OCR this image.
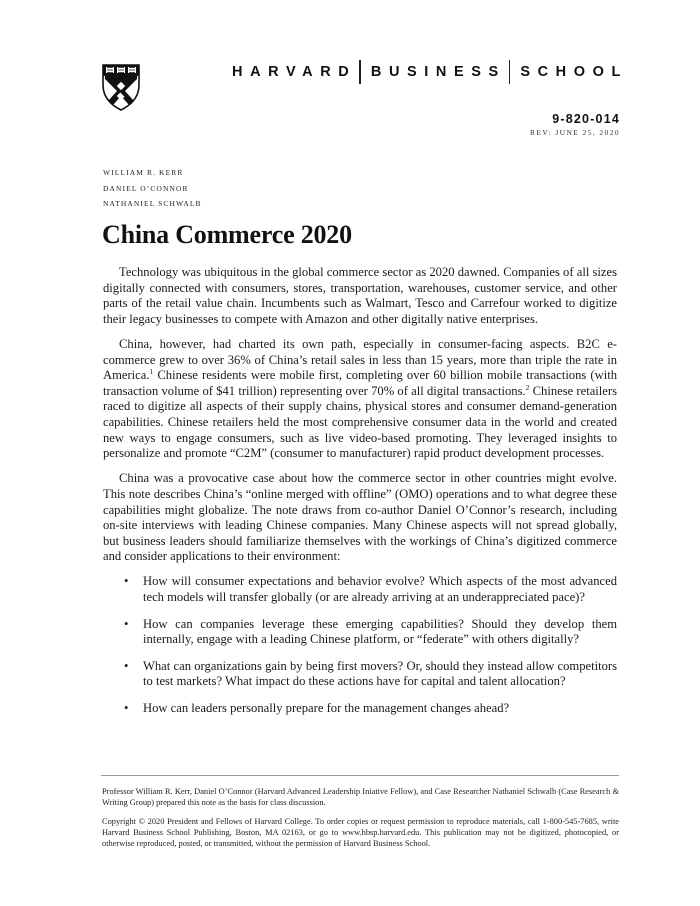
HARVARD BUSINESS SCHOOL
9-820-014
REV: JUNE 25, 2020
WILLIAM R. KERR
DANIEL O’CONNOR
NATHANIEL SCHWALB
China Commerce 2020

Technology was ubiquitous in the global commerce sector as 2020 dawned. Companies of all sizes digitally connected with consumers, stores, transportation, warehouses, customer service, and other parts of the retail value chain. Incumbents such as Walmart, Tesco and Carrefour worked to digitize their legacy businesses to compete with Amazon and other digitally native enterprises.

China, however, had charted its own path, especially in consumer-facing aspects. B2C e-commerce grew to over 36% of China’s retail sales in less than 15 years, more than triple the rate in America.$^1$ Chinese residents were mobile first, completing over 60 billion mobile transactions (with transaction volume of $41 trillion) representing over 70% of all digital transactions.$^2$ Chinese retailers raced to digitize all aspects of their supply chains, physical stores and consumer demand-generation capabilities. Chinese retailers held the most comprehensive consumer data in the world and created new ways to engage consumers, such as live video-based promoting. They leveraged insights to personalize and promote “C2M” (consumer to manufacturer) rapid product development processes.

China was a provocative case about how the commerce sector in other countries might evolve. This note describes China’s “online merged with offline” (OMO) operations and to what degree these capabilities might globalize. The note draws from co-author Daniel O’Connor’s research, including on-site interviews with leading Chinese companies. Many Chinese aspects will not spread globally, but business leaders should familiarize themselves with the workings of China’s digitized commerce and consider applications to their environment:

• How will consumer expectations and behavior evolve? Which aspects of the most advanced tech models will transfer globally (or are already arriving at an underappreciated pace)?
• How can companies leverage these emerging capabilities? Should they develop them internally, engage with a leading Chinese platform, or “federate” with others digitally?
• What can organizations gain by being first movers? Or, should they instead allow competitors to test markets? What impact do these actions have for capital and talent allocation?
• How can leaders personally prepare for the management changes ahead?
Professor William R. Kerr, Daniel O’Connor (Harvard Advanced Leadership Iniative Fellow), and Case Researcher Nathaniel Schwalb (Case Research & Writing Group) prepared this note as the basis for class discussion.
Copyright © 2020 President and Fellows of Harvard College. To order copies or request permission to reproduce materials, call 1-800-545-7685, write Harvard Business School Publishing, Boston, MA 02163, or go to www.hbsp.harvard.edu. This publication may not be digitized, photocopied, or otherwise reproduced, posted, or transmitted, without the permission of Harvard Business School.
